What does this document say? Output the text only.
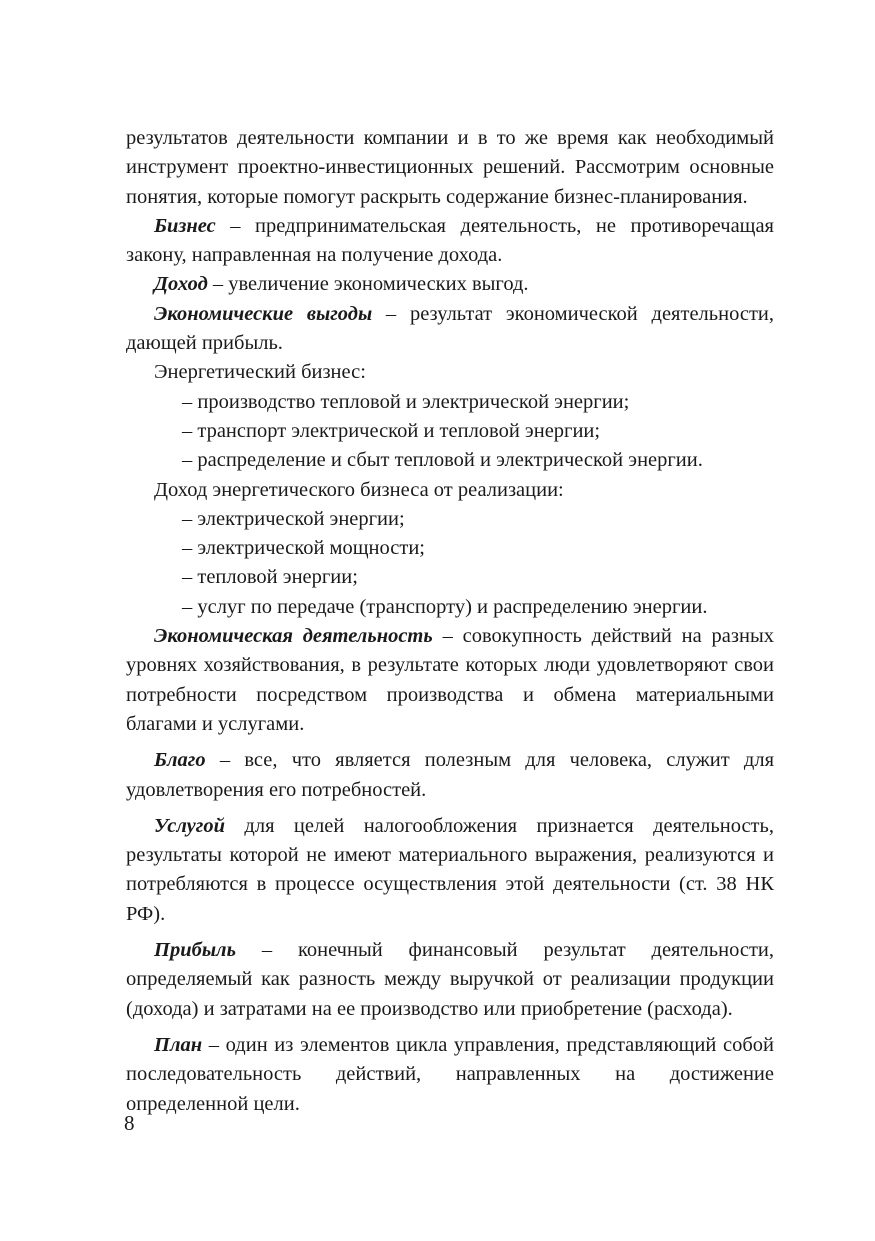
результатов деятельности компании и в то же время как необходимый инструмент проектно-инвестиционных решений. Рассмотрим основные понятия, которые помогут раскрыть содержание бизнес-планирования.

Бизнес – предпринимательская деятельность, не противоречащая закону, направленная на получение дохода.

Доход – увеличение экономических выгод.

Экономические выгоды – результат экономической деятельности, дающей прибыль.

Энергетический бизнес:

– производство тепловой и электрической энергии;

– транспорт электрической и тепловой энергии;

– распределение и сбыт тепловой и электрической энергии.

Доход энергетического бизнеса от реализации:

– электрической энергии;

– электрической мощности;

– тепловой энергии;

– услуг по передаче (транспорту) и распределению энергии.

Экономическая деятельность – совокупность действий на разных уровнях хозяйствования, в результате которых люди удовлетворяют свои потребности посредством производства и обмена материальными благами и услугами.

Благо – все, что является полезным для человека, служит для удовлетворения его потребностей.

Услугой для целей налогообложения признается деятельность, результаты которой не имеют материального выражения, реализуются и потребляются в процессе осуществления этой деятельности (ст. 38 НК РФ).

Прибыль – конечный финансовый результат деятельности, определяемый как разность между выручкой от реализации продукции (дохода) и затратами на ее производство или приобретение (расхода).

План – один из элементов цикла управления, представляющий собой последовательность действий, направленных на достижение определенной цели.

8
